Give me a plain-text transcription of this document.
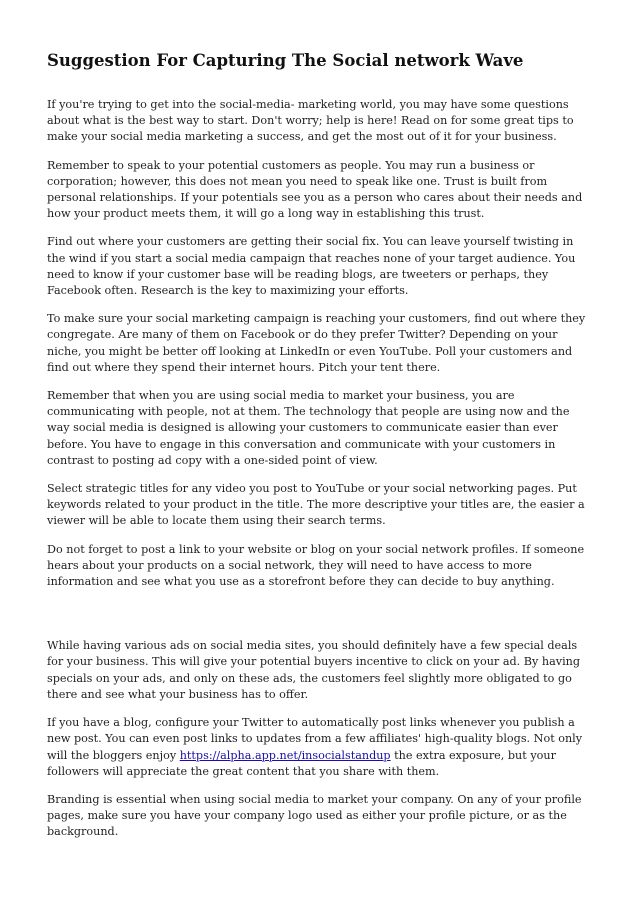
Suggestion For Capturing The Social network Wave

If you're trying to get into the social-media- marketing world, you may have some questions about what is the best way to start. Don't worry; help is here! Read on for some great tips to make your social media marketing a success, and get the most out of it for your business.

Remember to speak to your potential customers as people. You may run a business or corporation; however, this does not mean you need to speak like one. Trust is built from personal relationships. If your potentials see you as a person who cares about their needs and how your product meets them, it will go a long way in establishing this trust.

Find out where your customers are getting their social fix. You can leave yourself twisting in the wind if you start a social media campaign that reaches none of your target audience. You need to know if your customer base will be reading blogs, are tweeters or perhaps, they Facebook often. Research is the key to maximizing your efforts.

To make sure your social marketing campaign is reaching your customers, find out where they congregate. Are many of them on Facebook or do they prefer Twitter? Depending on your niche, you might be better off looking at LinkedIn or even YouTube. Poll your customers and find out where they spend their internet hours. Pitch your tent there.

Remember that when you are using social media to market your business, you are communicating with people, not at them. The technology that people are using now and the way social media is designed is allowing your customers to communicate easier than ever before. You have to engage in this conversation and communicate with your customers in contrast to posting ad copy with a one-sided point of view.

Select strategic titles for any video you post to YouTube or your social networking pages. Put keywords related to your product in the title. The more descriptive your titles are, the easier a viewer will be able to locate them using their search terms.

Do not forget to post a link to your website or blog on your social network profiles. If someone hears about your products on a social network, they will need to have access to more information and see what you use as a storefront before they can decide to buy anything.

While having various ads on social media sites, you should definitely have a few special deals for your business. This will give your potential buyers incentive to click on your ad. By having specials on your ads, and only on these ads, the customers feel slightly more obligated to go there and see what your business has to offer.

If you have a blog, configure your Twitter to automatically post links whenever you publish a new post. You can even post links to updates from a few affiliates' high-quality blogs. Not only will the bloggers enjoy https://alpha.app.net/insocialstandup the extra exposure, but your followers will appreciate the great content that you share with them.

Branding is essential when using social media to market your company. On any of your profile pages, make sure you have your company logo used as either your profile picture, or as the background.
